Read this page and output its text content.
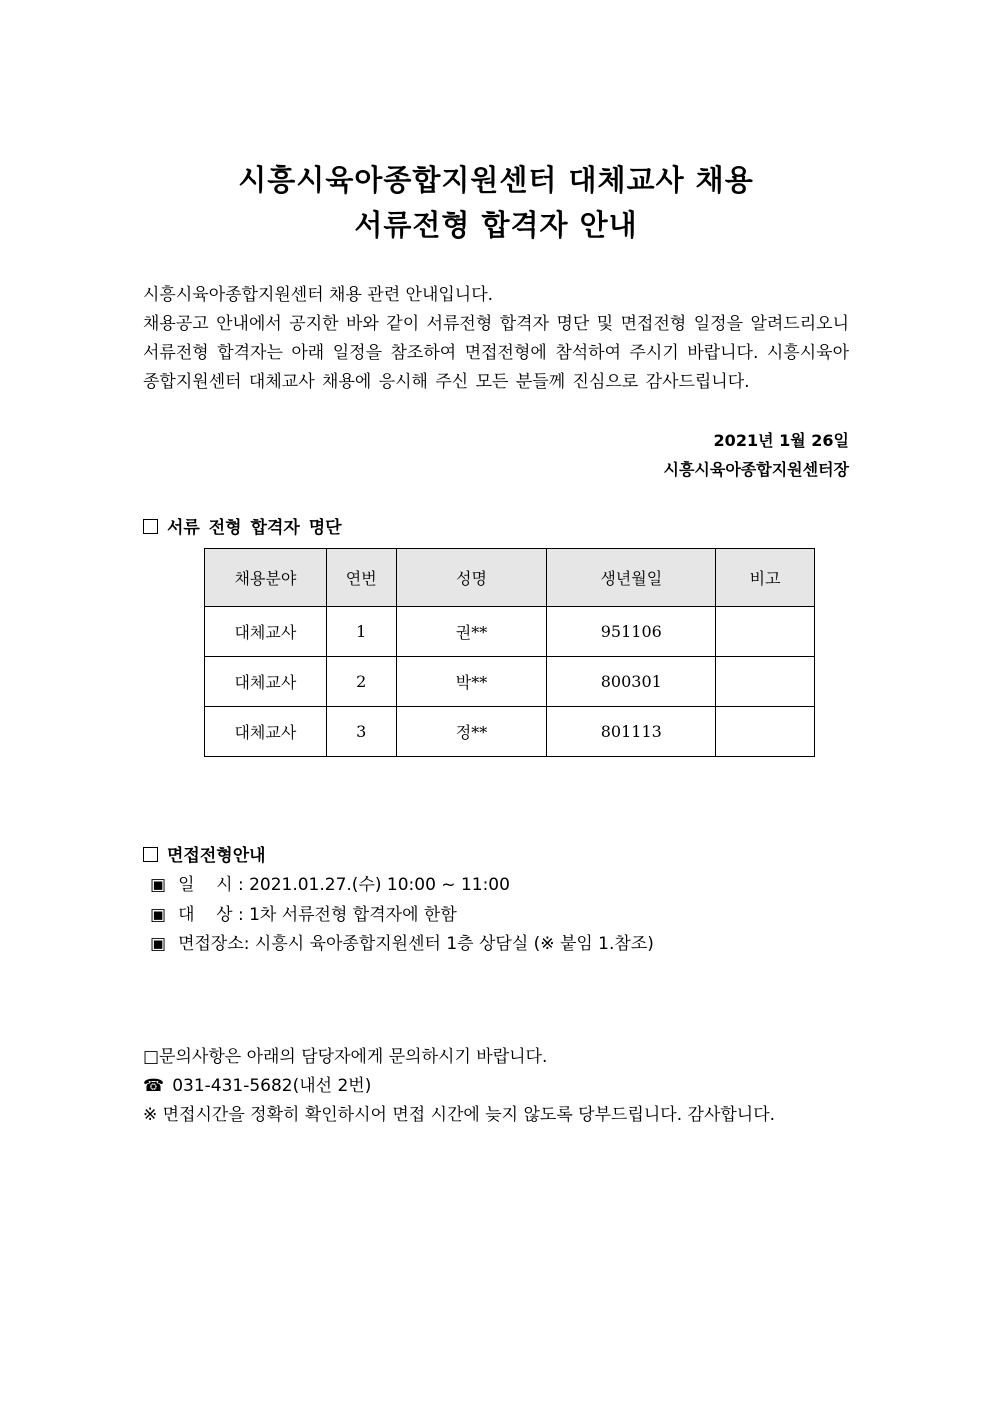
시흥시육아종합지원센터 대체교사 채용
서류전형 합격자 안내

시흥시육아종합지원센터 채용 관련 안내입니다.

채용공고 안내에서 공지한 바와 같이 서류전형 합격자 명단 및 면접전형 일정을 알려드리오니 서류전형 합격자는 아래 일정을 참조하여 면접전형에 참석하여 주시기 바랍니다. 시흥시육아종합지원센터 대체교사 채용에 응시해 주신 모든 분들께 진심으로 감사드립니다.

2021년 1월 26일
시흥시육아종합지원센터장
서류 전형 합격자 명단
채용분야	연번	성명	생년월일	비고
대체교사	1	권**	951106	
대체교사	2	박**	800301	
대체교사	3	정**	801113	
면접전형안내
▣ 일    시 : 2021.01.27.(수) 10:00 ~ 11:00
▣ 대    상 : 1차 서류전형 합격자에 한함
▣ 면접장소: 시흥시 육아종합지원센터 1층 상담실 (※ 붙임 1.참조)
□문의사항은 아래의 담당자에게 문의하시기 바랍니다.
☎ 031-431-5682(내선 2번)
※ 면접시간을 정확히 확인하시어 면접 시간에 늦지 않도록 당부드립니다. 감사합니다.
